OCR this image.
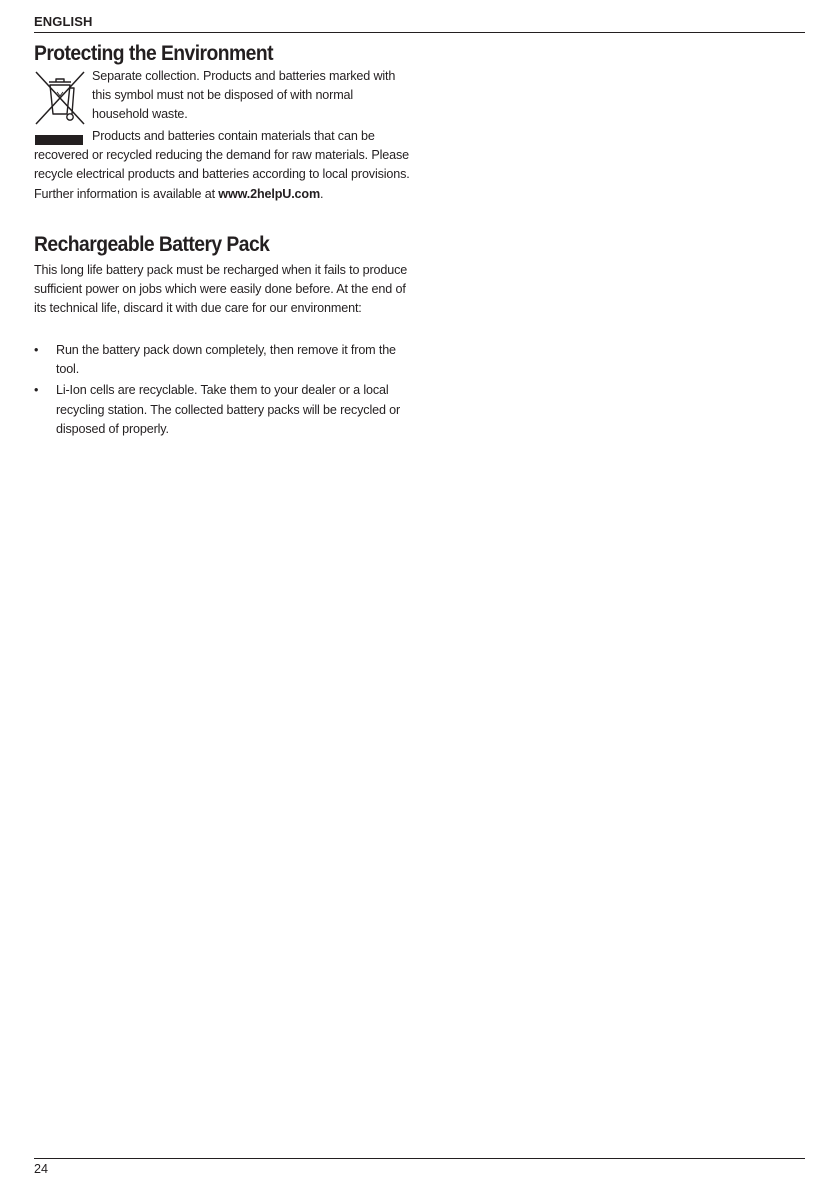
ENGLISH
Protecting the Environment

Separate collection. Products and batteries marked with this symbol must not be disposed of with normal household waste.

Products and batteries contain materials that can be recovered or recycled reducing the demand for raw materials. Please recycle electrical products and batteries according to local provisions. Further information is available at www.2helpU.com.

Rechargeable Battery Pack

This long life battery pack must be recharged when it fails to produce sufficient power on jobs which were easily done before. At the end of its technical life, discard it with due care for our environment:

• Run the battery pack down completely, then remove it from the tool.
• Li-Ion cells are recyclable. Take them to your dealer or a local recycling station. The collected battery packs will be recycled or disposed of properly.
24
